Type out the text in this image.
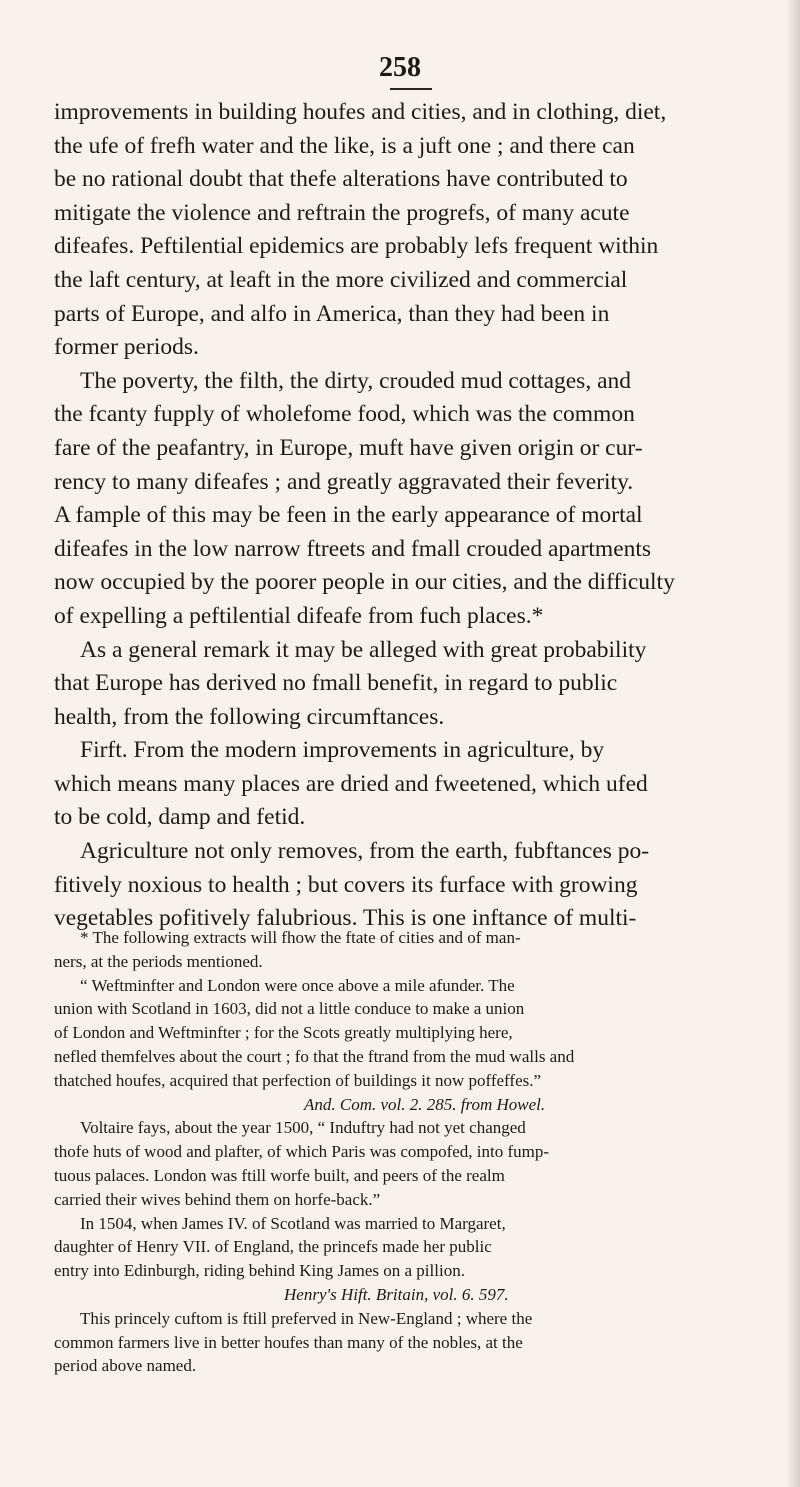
258
improvements in building houfes and cities, and in clothing, diet,
the ufe of frefh water and the like, is a juft one ; and there can
be no rational doubt that thefe alterations have contributed to
mitigate the violence and reftrain the progrefs, of many acute
difeafes. Peftilential epidemics are probably lefs frequent within
the laft century, at leaft in the more civilized and commercial
parts of Europe, and alfo in America, than they had been in
former periods.
The poverty, the filth, the dirty, crouded mud cottages, and
the fcanty fupply of wholefome food, which was the common
fare of the peafantry, in Europe, muft have given origin or cur-
rency to many difeafes ; and greatly aggravated their feverity.
A fample of this may be feen in the early appearance of mortal
difeafes in the low narrow ftreets and fmall crouded apartments
now occupied by the poorer people in our cities, and the difficulty
of expelling a peftilential difeafe from fuch places.*
As a general remark it may be alleged with great probability
that Europe has derived no fmall benefit, in regard to public
health, from the following circumftances.
Firft. From the modern improvements in agriculture, by
which means many places are dried and fweetened, which ufed
to be cold, damp and fetid.
Agriculture not only removes, from the earth, fubftances po-
fitively noxious to health ; but covers its furface with growing
vegetables pofitively falubrious. This is one inftance of multi-
* The following extracts will fhow the ftate of cities and of man-
ners, at the periods mentioned.
“ Weftminfter and London were once above a mile afunder. The
union with Scotland in 1603, did not a little conduce to make a union
of London and Weftminfter ; for the Scots greatly multiplying here,
nefled themfelves about the court ; fo that the ftrand from the mud walls and
thatched houfes, acquired that perfection of buildings it now poffeffes.”
And. Com. vol. 2. 285. from Howel.
Voltaire fays, about the year 1500, “ Induftry had not yet changed
thofe huts of wood and plafter, of which Paris was compofed, into fump-
tuous palaces. London was ftill worfe built, and peers of the realm
carried their wives behind them on horfe-back.”
In 1504, when James IV. of Scotland was married to Margaret,
daughter of Henry VII. of England, the princefs made her public
entry into Edinburgh, riding behind King James on a pillion.
Henry's Hift. Britain, vol. 6. 597.
This princely cuftom is ftill preferved in New-England ; where the
common farmers live in better houfes than many of the nobles, at the
period above named.
